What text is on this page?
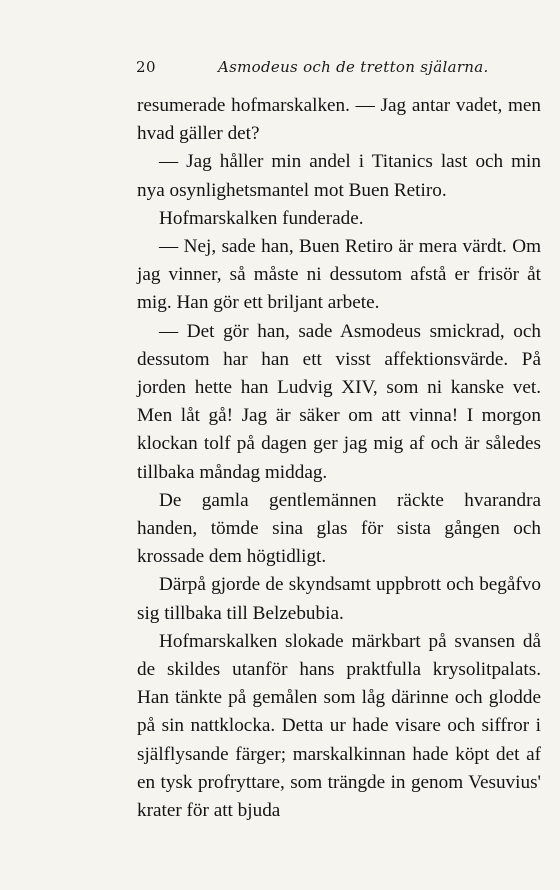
20	Asmodeus och de tretton själarna.

resumerade hofmarskalken. — Jag antar vadet, men hvad gäller det?

— Jag håller min andel i Titanics last och min nya osynlighetsmantel mot Buen Retiro.

Hofmarskalken funderade.

— Nej, sade han, Buen Retiro är mera värdt. Om jag vinner, så måste ni dessutom afstå er frisör åt mig. Han gör ett briljant arbete.

— Det gör han, sade Asmodeus smickrad, och dessutom har han ett visst affektionsvärde. På jorden hette han Ludvig XIV, som ni kanske vet. Men låt gå! Jag är säker om att vinna! I morgon klockan tolf på dagen ger jag mig af och är således tillbaka måndag middag.

De gamla gentlemännen räckte hvarandra handen, tömde sina glas för sista gången och krossade dem högtidligt.

Därpå gjorde de skyndsamt uppbrott och begåfvo sig tillbaka till Belzebubia.

Hofmarskalken slokade märkbart på svansen då de skildes utanför hans praktfulla krysolitpalats. Han tänkte på gemålen som låg därinne och glodde på sin nattklocka. Detta ur hade visare och siffror i själflysande färger; marskalkinnan hade köpt det af en tysk profryttare, som trängde in genom Vesuvius' krater för att bjuda
